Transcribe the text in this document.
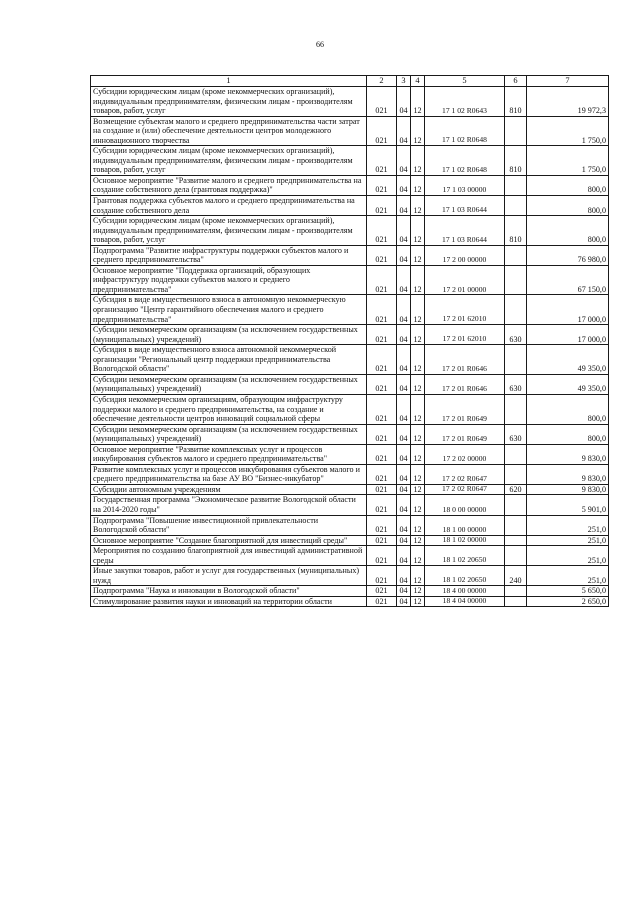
66
1	2	3	4	5	6	7
Субсидии юридическим лицам (кроме некоммерческих организаций), индивидуальным предпринимателям, физическим лицам - производителям товаров, работ, услуг	021	04	12	17 1 02 R0643	810	19 972,3
Возмещение субъектам малого и среднего предпринимательства части затрат на создание и (или) обеспечение деятельности центров молодежного инновационного творчества	021	04	12	17 1 02 R0648		1 750,0
Субсидии юридическим лицам (кроме некоммерческих организаций), индивидуальным предпринимателям, физическим лицам - производителям товаров, работ, услуг	021	04	12	17 1 02 R0648	810	1 750,0
Основное мероприятие "Развитие малого и среднего предпринимательства на создание собственного дела (грантовая поддержка)"	021	04	12	17 1 03 00000		800,0
Грантовая поддержка субъектов малого и среднего предпринимательства на создание собственного дела	021	04	12	17 1 03 R0644		800,0
Субсидии юридическим лицам (кроме некоммерческих организаций), индивидуальным предпринимателям, физическим лицам - производителям товаров, работ, услуг	021	04	12	17 1 03 R0644	810	800,0
Подпрограмма "Развитие инфраструктуры поддержки субъектов малого и среднего предпринимательства"	021	04	12	17 2 00 00000		76 980,0
Основное мероприятие "Поддержка организаций, образующих инфраструктуру поддержки субъектов малого и среднего предпринимательства"	021	04	12	17 2 01 00000		67 150,0
Субсидия в виде имущественного взноса в автономную некоммерческую организацию "Центр гарантийного обеспечения малого и среднего предпринимательства"	021	04	12	17 2 01 62010		17 000,0
Субсидии некоммерческим организациям (за исключением государственных (муниципальных) учреждений)	021	04	12	17 2 01 62010	630	17 000,0
Субсидия в виде имущественного взноса автономной некоммерческой организации "Региональный центр поддержки предпринимательства Вологодской области"	021	04	12	17 2 01 R0646		49 350,0
Субсидии некоммерческим организациям (за исключением государственных (муниципальных) учреждений)	021	04	12	17 2 01 R0646	630	49 350,0
Субсидия некоммерческим организациям, образующим инфраструктуру поддержки малого и среднего предпринимательства, на создание и обеспечение деятельности центров инноваций социальной сферы	021	04	12	17 2 01 R0649		800,0
Субсидии некоммерческим организациям (за исключением государственных (муниципальных) учреждений)	021	04	12	17 2 01 R0649	630	800,0
Основное мероприятие "Развитие комплексных услуг и процессов инкубирования субъектов малого и среднего предпринимательства"	021	04	12	17 2 02 00000		9 830,0
Развитие комплексных услуг и процессов инкубирования субъектов малого и среднего предпринимательства на базе АУ ВО "Бизнес-инкубатор"	021	04	12	17 2 02 R0647		9 830,0
Субсидии автономным учреждениям	021	04	12	17 2 02 R0647	620	9 830,0
Государственная программа "Экономическое развитие Вологодской области на 2014-2020 годы"	021	04	12	18 0 00 00000		5 901,0
Подпрограмма "Повышение инвестиционной привлекательности Вологодской области"	021	04	12	18 1 00 00000		251,0
Основное мероприятие "Создание благоприятной для инвестиций среды"	021	04	12	18 1 02 00000		251,0
Мероприятия по созданию благоприятной для инвестиций административной среды	021	04	12	18 1 02 20650		251,0
Иные закупки товаров, работ и услуг для государственных (муниципальных) нужд	021	04	12	18 1 02 20650	240	251,0
Подпрограмма "Наука и инновации в Вологодской области"	021	04	12	18 4 00 00000		5 650,0
Стимулирование развития науки и инноваций на территории области	021	04	12	18 4 04 00000		2 650,0
